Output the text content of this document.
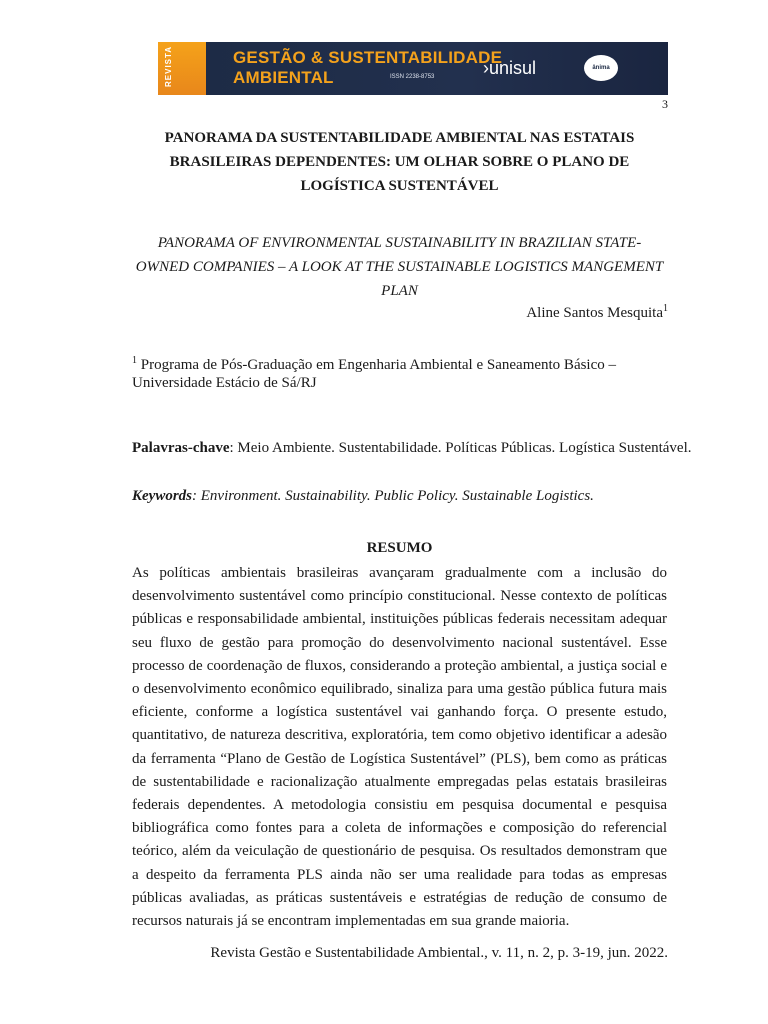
REVISTA	GESTÃO & SUSTENTABILIDADE
AMBIENTAL	ISSN 2238-8753	›unisul	ânima
3
PANORAMA DA SUSTENTABILIDADE AMBIENTAL NAS ESTATAIS BRASILEIRAS DEPENDENTES: UM OLHAR SOBRE O PLANO DE LOGÍSTICA SUSTENTÁVEL
PANORAMA OF ENVIRONMENTAL SUSTAINABILITY IN BRAZILIAN STATE-OWNED COMPANIES – A LOOK AT THE SUSTAINABLE LOGISTICS MANGEMENT PLAN
Aline Santos Mesquita$^1$
$^1$ Programa de Pós-Graduação em Engenharia Ambiental e Saneamento Básico – Universidade Estácio de Sá/RJ
Palavras-chave: Meio Ambiente. Sustentabilidade. Políticas Públicas. Logística Sustentável.
Keywords: Environment. Sustainability. Public Policy. Sustainable Logistics.
RESUMO
As políticas ambientais brasileiras avançaram gradualmente com a inclusão do desenvolvimento sustentável como princípio constitucional. Nesse contexto de políticas públicas e responsabilidade ambiental, instituições públicas federais necessitam adequar seu fluxo de gestão para promoção do desenvolvimento nacional sustentável. Esse processo de coordenação de fluxos, considerando a proteção ambiental, a justiça social e o desenvolvimento econômico equilibrado, sinaliza para uma gestão pública futura mais eficiente, conforme a logística sustentável vai ganhando força. O presente estudo, quantitativo, de natureza descritiva, exploratória, tem como objetivo identificar a adesão da ferramenta “Plano de Gestão de Logística Sustentável” (PLS), bem como as práticas de sustentabilidade e racionalização atualmente empregadas pelas estatais brasileiras federais dependentes. A metodologia consistiu em pesquisa documental e pesquisa bibliográfica como fontes para a coleta de informações e composição do referencial teórico, além da veiculação de questionário de pesquisa. Os resultados demonstram que a despeito da ferramenta PLS ainda não ser uma realidade para todas as empresas públicas avaliadas, as práticas sustentáveis e estratégias de redução de consumo de recursos naturais já se encontram implementadas em sua grande maioria.
Revista Gestão e Sustentabilidade Ambiental., v. 11, n. 2, p. 3-19, jun. 2022.
